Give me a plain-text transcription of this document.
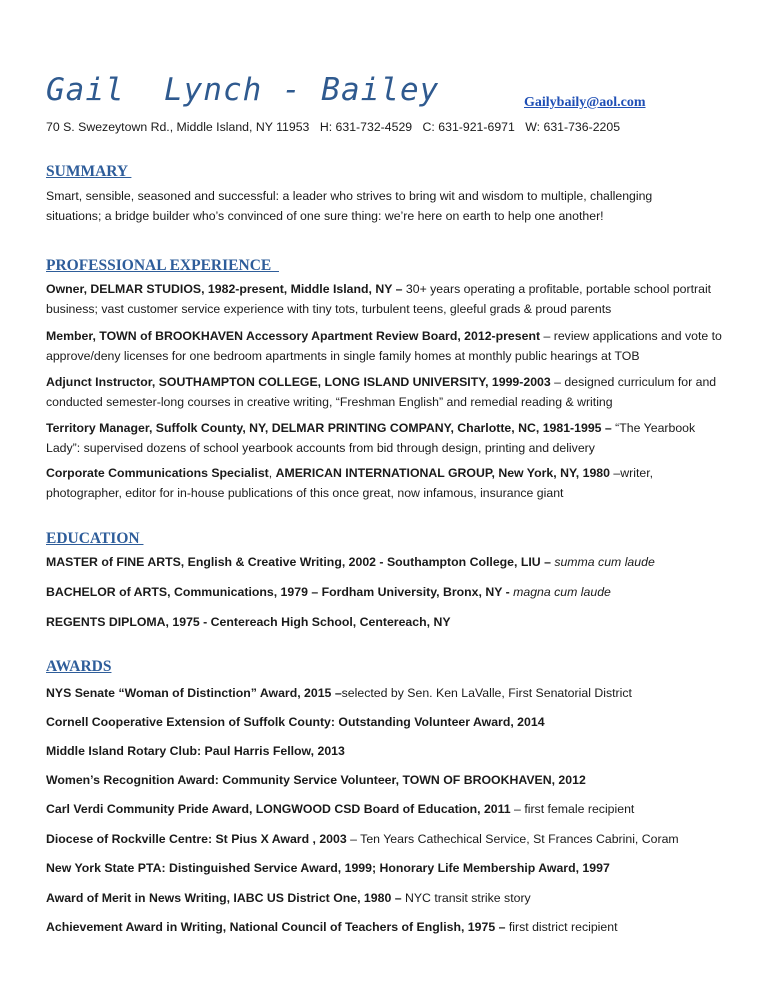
Gail  Lynch - Bailey	Gailybaily@aol.com
70 S. Swezeytown Rd., Middle Island, NY 11953 H: 631-732-4529 C: 631-921-6971 W: 631-736-2205
SUMMARY
Smart, sensible, seasoned and successful: a leader who strives to bring wit and wisdom to multiple, challenging
situations; a bridge builder who’s convinced of one sure thing: we’re here on earth to help one another!
PROFESSIONAL EXPERIENCE
Owner, DELMAR STUDIOS, 1982-present, Middle Island, NY – 30+ years operating a profitable, portable school portrait
business; vast customer service experience with tiny tots, turbulent teens, gleeful grads & proud parents
Member, TOWN of BROOKHAVEN Accessory Apartment Review Board, 2012-present – review applications and vote to
approve/deny licenses for one bedroom apartments in single family homes at monthly public hearings at TOB
Adjunct Instructor, SOUTHAMPTON COLLEGE, LONG ISLAND UNIVERSITY, 1999-2003 – designed curriculum for and
conducted semester-long courses in creative writing, “Freshman English” and remedial reading & writing
Territory Manager, Suffolk County, NY, DELMAR PRINTING COMPANY, Charlotte, NC, 1981-1995 – “The Yearbook
Lady”: supervised dozens of school yearbook accounts from bid through design, printing and delivery
Corporate Communications Specialist, AMERICAN INTERNATIONAL GROUP, New York, NY, 1980 –writer,
photographer, editor for in-house publications of this once great, now infamous, insurance giant
EDUCATION
MASTER of FINE ARTS, English & Creative Writing, 2002 - Southampton College, LIU – summa cum laude
BACHELOR of ARTS, Communications, 1979 – Fordham University, Bronx, NY - magna cum laude
REGENTS DIPLOMA, 1975 - Centereach High School, Centereach, NY
AWARDS
NYS Senate “Woman of Distinction” Award, 2015 –selected by Sen. Ken LaValle, First Senatorial District
Cornell Cooperative Extension of Suffolk County: Outstanding Volunteer Award, 2014
Middle Island Rotary Club: Paul Harris Fellow, 2013
Women’s Recognition Award: Community Service Volunteer, TOWN OF BROOKHAVEN, 2012
Carl Verdi Community Pride Award, LONGWOOD CSD Board of Education, 2011 – first female recipient
Diocese of Rockville Centre: St Pius X Award , 2003 – Ten Years Cathechical Service, St Frances Cabrini, Coram
New York State PTA: Distinguished Service Award, 1999; Honorary Life Membership Award, 1997
Award of Merit in News Writing, IABC US District One, 1980 – NYC transit strike story
Achievement Award in Writing, National Council of Teachers of English, 1975 – first district recipient
